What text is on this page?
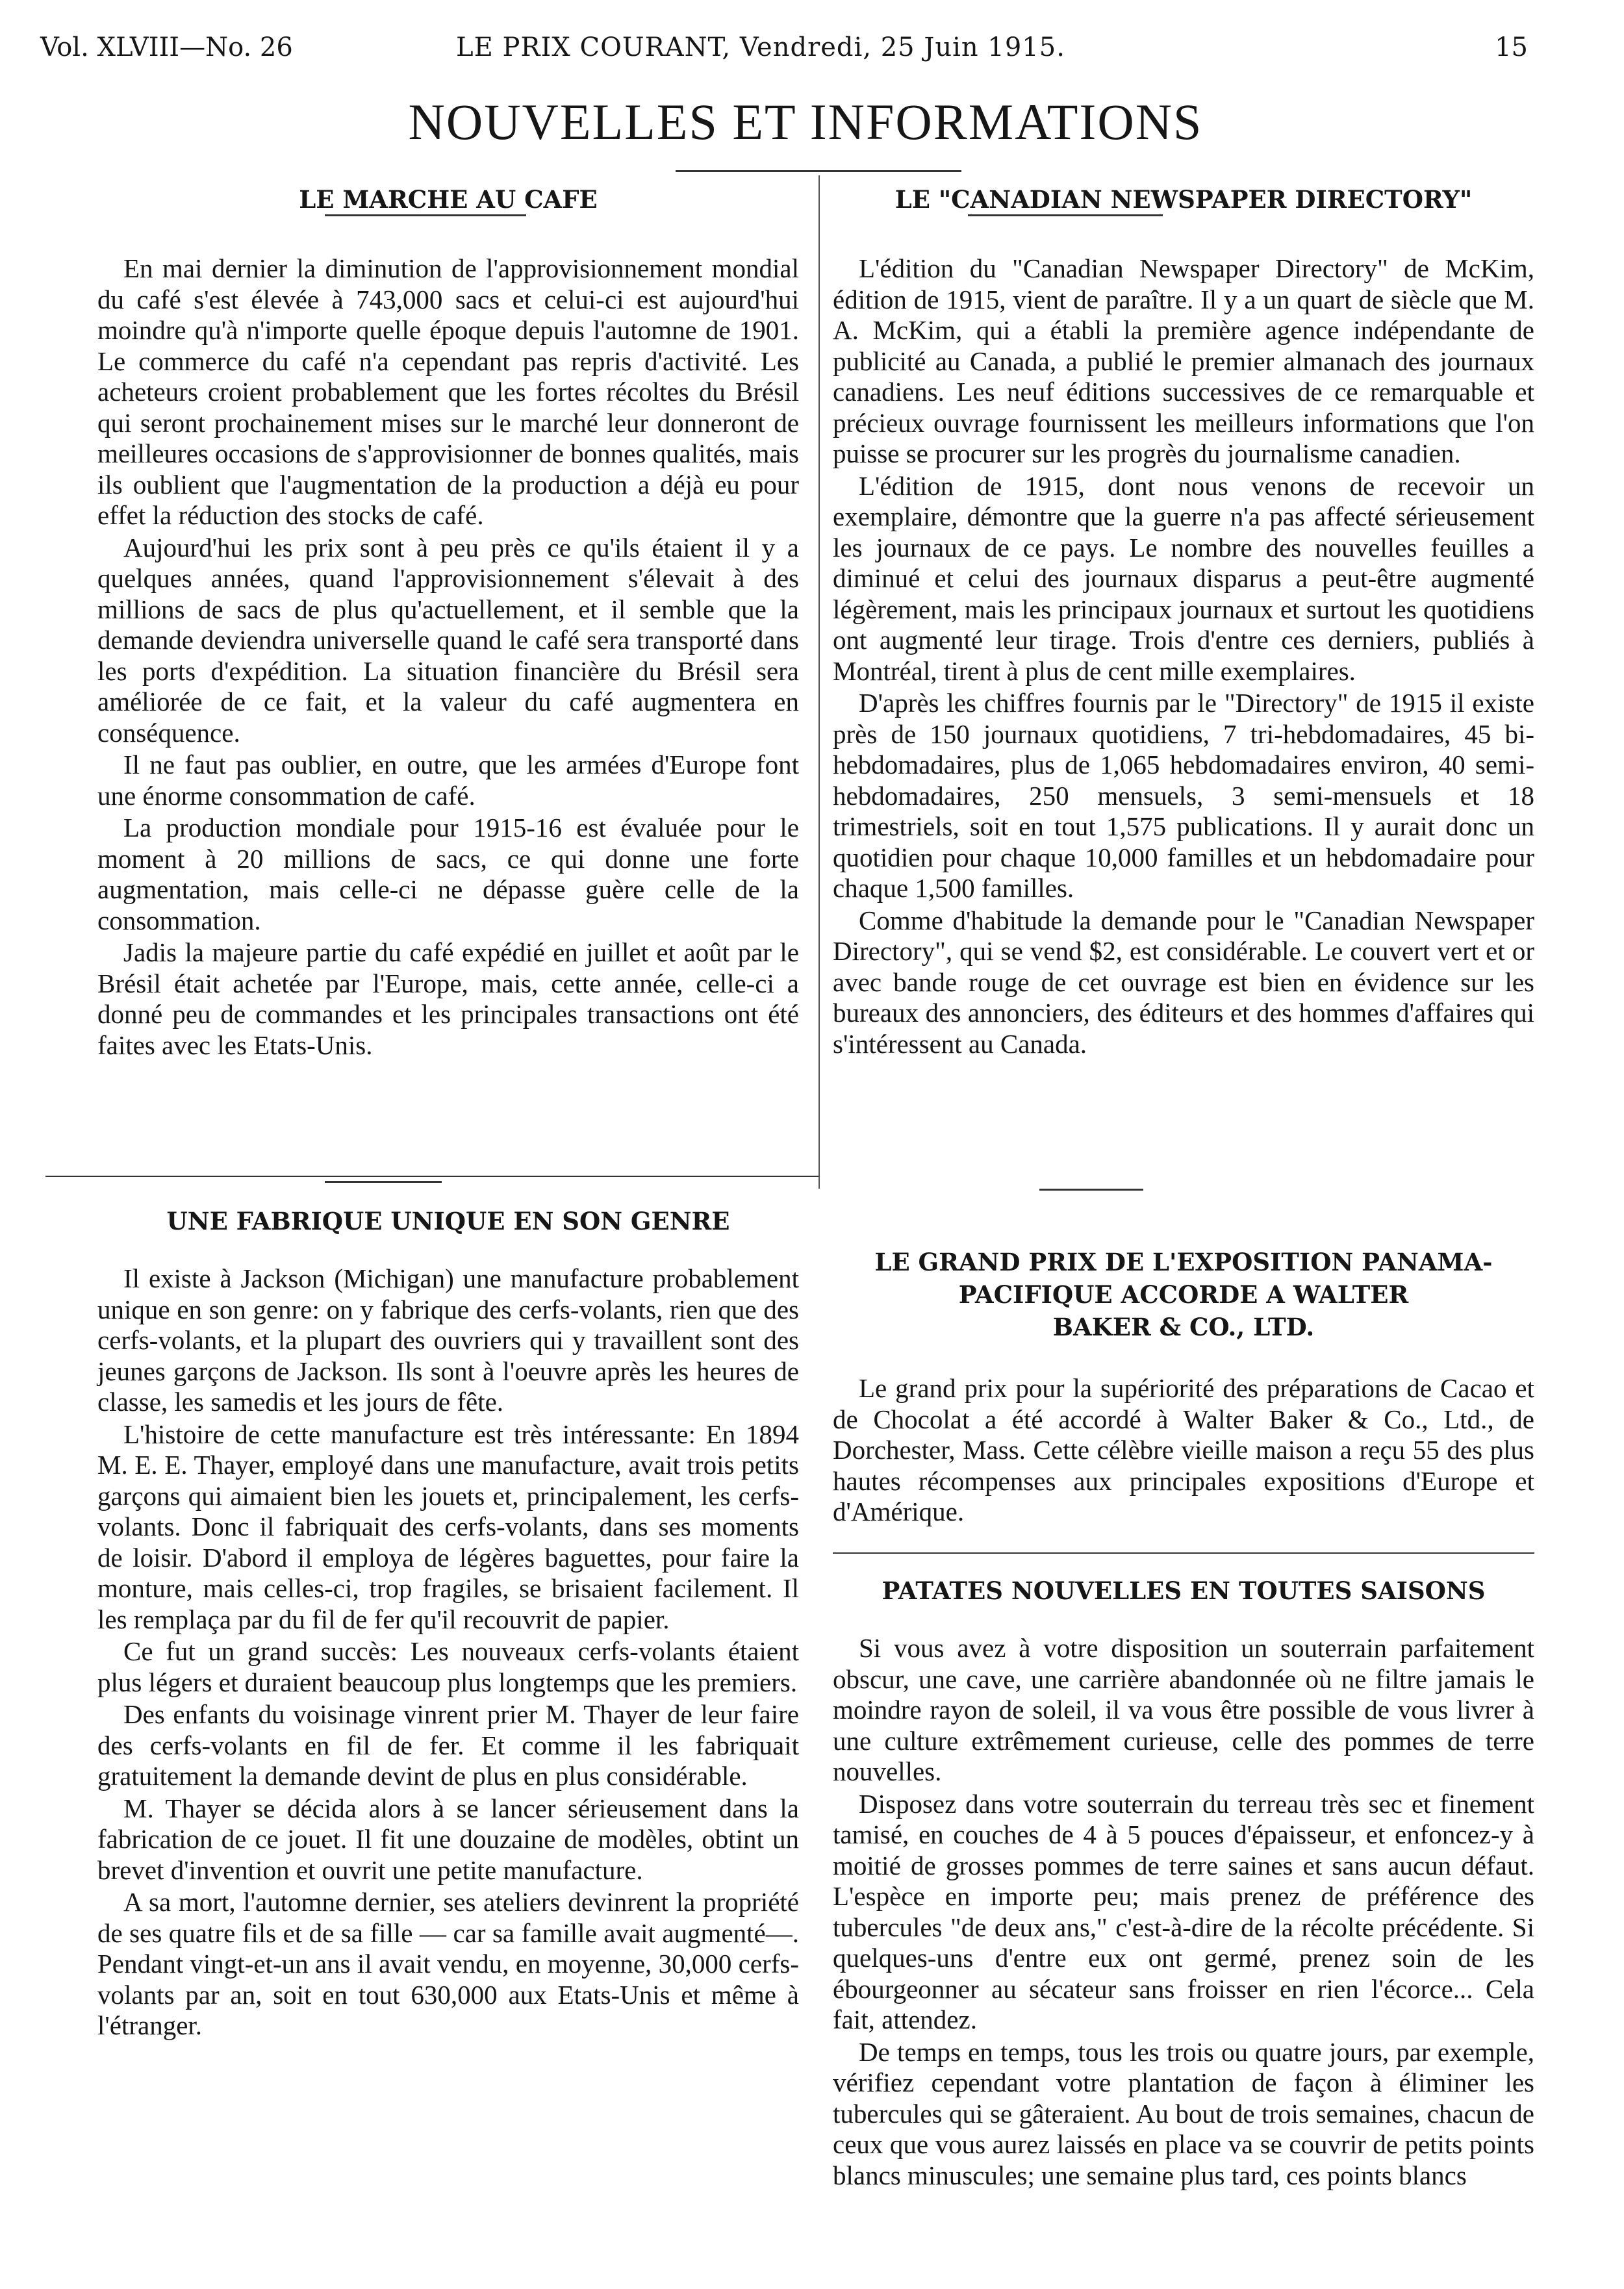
Vol. XLVIII—No. 26	LE PRIX COURANT, Vendredi, 25 Juin 1915.	15
NOUVELLES ET INFORMATIONS
LE MARCHE AU CAFE

En mai dernier la diminution de l'approvisionnement mondial du café s'est élevée à 743,000 sacs et celui-ci est aujourd'hui moindre qu'à n'importe quelle époque depuis l'automne de 1901. Le commerce du café n'a cependant pas repris d'activité. Les acheteurs croient probablement que les fortes récoltes du Brésil qui seront prochainement mises sur le marché leur donneront de meilleures occasions de s'approvisionner de bonnes qualités, mais ils oublient que l'augmentation de la production a déjà eu pour effet la réduction des stocks de café.

Aujourd'hui les prix sont à peu près ce qu'ils étaient il y a quelques années, quand l'approvisionnement s'élevait à des millions de sacs de plus qu'actuellement, et il semble que la demande deviendra universelle quand le café sera transporté dans les ports d'expédition. La situation financière du Brésil sera améliorée de ce fait, et la valeur du café augmentera en conséquence.

Il ne faut pas oublier, en outre, que les armées d'Europe font une énorme consommation de café.

La production mondiale pour 1915-16 est évaluée pour le moment à 20 millions de sacs, ce qui donne une forte augmentation, mais celle-ci ne dépasse guère celle de la consommation.

Jadis la majeure partie du café expédié en juillet et août par le Brésil était achetée par l'Europe, mais, cette année, celle-ci a donné peu de commandes et les principales transactions ont été faites avec les Etats-Unis.

UNE FABRIQUE UNIQUE EN SON GENRE

Il existe à Jackson (Michigan) une manufacture probablement unique en son genre: on y fabrique des cerfs-volants, rien que des cerfs-volants, et la plupart des ouvriers qui y travaillent sont des jeunes garçons de Jackson. Ils sont à l'oeuvre après les heures de classe, les samedis et les jours de fête.

L'histoire de cette manufacture est très intéressante: En 1894 M. E. E. Thayer, employé dans une manufacture, avait trois petits garçons qui aimaient bien les jouets et, principalement, les cerfs-volants. Donc il fabriquait des cerfs-volants, dans ses moments de loisir. D'abord il employa de légères baguettes, pour faire la monture, mais celles-ci, trop fragiles, se brisaient facilement. Il les remplaça par du fil de fer qu'il recouvrit de papier.

Ce fut un grand succès: Les nouveaux cerfs-volants étaient plus légers et duraient beaucoup plus longtemps que les premiers.

Des enfants du voisinage vinrent prier M. Thayer de leur faire des cerfs-volants en fil de fer. Et comme il les fabriquait gratuitement la demande devint de plus en plus considérable.

M. Thayer se décida alors à se lancer sérieusement dans la fabrication de ce jouet. Il fit une douzaine de modèles, obtint un brevet d'invention et ouvrit une petite manufacture.

A sa mort, l'automne dernier, ses ateliers devinrent la propriété de ses quatre fils et de sa fille — car sa famille avait augmenté—. Pendant vingt-et-un ans il avait vendu, en moyenne, 30,000 cerfs-volants par an, soit en tout 630,000 aux Etats-Unis et même à l'étranger.

LE "CANADIAN NEWSPAPER DIRECTORY"

L'édition du "Canadian Newspaper Directory" de McKim, édition de 1915, vient de paraître. Il y a un quart de siècle que M. A. McKim, qui a établi la première agence indépendante de publicité au Canada, a publié le premier almanach des journaux canadiens. Les neuf éditions successives de ce remarquable et précieux ouvrage fournissent les meilleurs informations que l'on puisse se procurer sur les progrès du journalisme canadien.

L'édition de 1915, dont nous venons de recevoir un exemplaire, démontre que la guerre n'a pas affecté sérieusement les journaux de ce pays. Le nombre des nouvelles feuilles a diminué et celui des journaux disparus a peut-être augmenté légèrement, mais les principaux journaux et surtout les quotidiens ont augmenté leur tirage. Trois d'entre ces derniers, publiés à Montréal, tirent à plus de cent mille exemplaires.

D'après les chiffres fournis par le "Directory" de 1915 il existe près de 150 journaux quotidiens, 7 tri-hebdomadaires, 45 bi-hebdomadaires, plus de 1,065 hebdomadaires environ, 40 semi-hebdomadaires, 250 mensuels, 3 semi-mensuels et 18 trimestriels, soit en tout 1,575 publications. Il y aurait donc un quotidien pour chaque 10,000 familles et un hebdomadaire pour chaque 1,500 familles.

Comme d'habitude la demande pour le "Canadian Newspaper Directory", qui se vend $2, est considérable. Le couvert vert et or avec bande rouge de cet ouvrage est bien en évidence sur les bureaux des annonciers, des éditeurs et des hommes d'affaires qui s'intéressent au Canada.

LE GRAND PRIX DE L'EXPOSITION PANAMA-
PACIFIQUE ACCORDE A WALTER
BAKER & CO., LTD.

Le grand prix pour la supériorité des préparations de Cacao et de Chocolat a été accordé à Walter Baker & Co., Ltd., de Dorchester, Mass. Cette célèbre vieille maison a reçu 55 des plus hautes récompenses aux principales expositions d'Europe et d'Amérique.

PATATES NOUVELLES EN TOUTES SAISONS

Si vous avez à votre disposition un souterrain parfaitement obscur, une cave, une carrière abandonnée où ne filtre jamais le moindre rayon de soleil, il va vous être possible de vous livrer à une culture extrêmement curieuse, celle des pommes de terre nouvelles.

Disposez dans votre souterrain du terreau très sec et finement tamisé, en couches de 4 à 5 pouces d'épaisseur, et enfoncez-y à moitié de grosses pommes de terre saines et sans aucun défaut. L'espèce en importe peu; mais prenez de préférence des tubercules "de deux ans," c'est-à-dire de la récolte précédente. Si quelques-uns d'entre eux ont germé, prenez soin de les ébourgeonner au sécateur sans froisser en rien l'écorce... Cela fait, attendez.

De temps en temps, tous les trois ou quatre jours, par exemple, vérifiez cependant votre plantation de façon à éliminer les tubercules qui se gâteraient. Au bout de trois semaines, chacun de ceux que vous aurez laissés en place va se couvrir de petits points blancs minuscules; une semaine plus tard, ces points blancs
